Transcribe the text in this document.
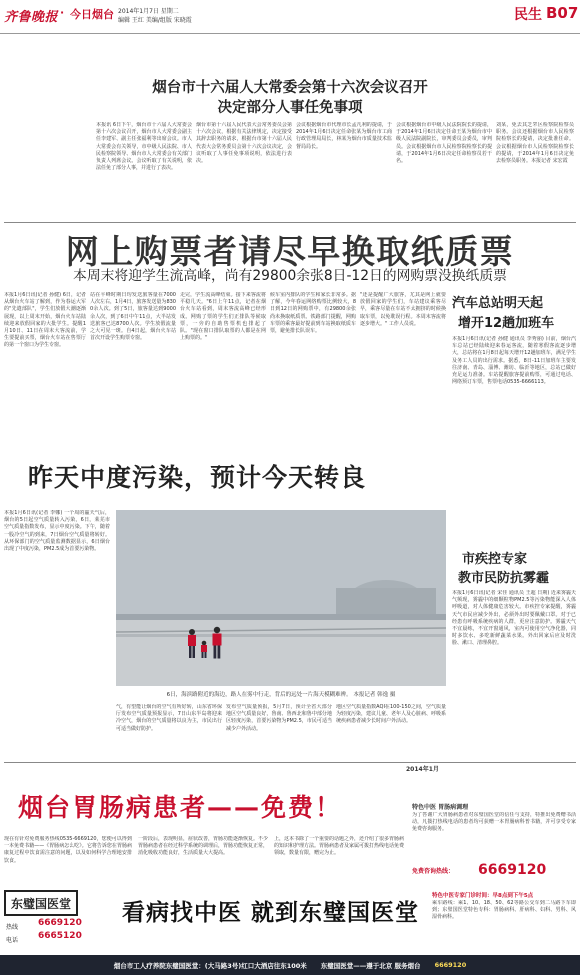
齐鲁晚报 · 今日烟台 2014年1月7日 星期二
编辑 王红 美编/组版 宋晓霞	民生 B07
烟台市十六届人大常委会第十六次会议召开
决定部分人事任免事项
本报讯 6日下午，烟台市十六届人大常委会第十六次会议召开，烟台市人大常委会副主任李建军、副主任张福利等出席会议。市人大常委会有关领导，市中级人民法院、市人民检察院领导、烟台市人大常委会有关部门负责人列席会议。会议听取了有关说明，依法任免了部分人事，并进行了表决。
烟台市第十六届人民代表大会常务委员会第十六次会议，根据有关法律规定，决定接受其辞去职务的请求，根据台市第十六届人民代表大会常务委员会第十六次会议决定，会议听取了人事任免事项说明，依法进行表决。
会议根据烟台市代理市长孟凡利的提请，于2014年1月6日决定任命张某为烟台市工商行政管理局局长，林某为烟台市质量技术监督局局长。
会议根据烟台市中级人民法院院长的提请，于2014年1月6日决定任命王某为烟台市中级人民法院副院长，审判委员会委员，审判员。会议根据烟台市人民检察院检察长的提请，于2014年1月6日决定任命检察员若干名。
刘某，免去其芝罘区检察院检察员职务。会议还根据烟台市人民检察院检察长的提请，决定批准任命。会议根据烟台市人民检察院检察长的提请，于2014年1月6日决定免去检察员职务。本报记者 宋宏霞
网上购票者请尽早换取纸质票
本周末将迎学生流高峰，尚有29800余张8日-12日的网购票没换纸质票
本报1月6日讯(记者 孙健) 6日，记者从烟台火车站了解到，作为春运大军的"先遣部队"，学生们放假大潮逐渐展现，以上周末开始，烟台火车站陆续迎来放假回家的大批学生。提醒1月10日、11日在周末大客流前，学生要提前买票，烟台火车站在售票厅的第一个窗口为学生专窗。
站在平峰时期日均发送旅客量在7000人次左右，1月4日，旅客发送量为8300余人次。到了5日，旅客量达到9000余人次，到了6日中午11点，大半站发送旅客已达8700人次。学生放假流量之大可见一斑。自4日起，烟台火车站首次开设学生购票专窗。
走完，学生流高峰结束。接下来客流将平稳几天。"6日上午11点，记者在烟台火车站看到，周末客流高峰已经形成。网购了票的学生们正排队等候取票，一旁的自助售票机也排起了队。"现在窗口排队取票的人都是在网上购票的。"
候车室内排队的学生和家长非常多。据了解，今年春运网络购票比例较大，8日到12日的网购票中，有29800余张尚未换取纸质票。铁路部门提醒，网购车票的乘客最好提前到车站换取纸质车票，避免排长队误车。
"还是提醒广大旅客，尤其是网上就要放假回家的学生们，车站建议乘客尽早，乘客尽量在车站不太拥挤的时候换取车票，以免耽误行程。本周末客流将逐步增大。" 工作人员说。
汽车总站明天起
增开12趟加班车
本报1月6日讯(记者 孙健 通讯员 李秀丽) 目前，烟台汽车总站已经陆续迎来春运客流，随着寒假客流逐步增大，总站将在1月8日起每天增开12趟加班车，满足学生及务工人员的出行需求。据悉，8日-11日加班车主要发往济南、青岛、淄博、潍坊、临沂等地区，总站已做好充足运力准备。车站提醒旅客提前购票，可通过电话、网络预订车票，售票电话0535-6666113。
昨天中度污染，预计今天转良
本报1月6日讯(记者 李娜) 一个周的霾天气后，烟台的5日起空气质量转入污染，6日，莱芜市空气质量指数发布，显示中度污染。下午，随着一股冷空气的到来，7日烟台空气质量将转好。从环保部门的空气质量监测数据显示，6日烟台出现了中度污染，PM2.5成为首要污染物。
6日，海滨路附近的海边，路人在雾中行走，背后的远处一片海天模糊难辨。 本报记者 韩逸 摄
气，有望能让烟台的空气有所好转，山东省环保厅发布空气质量预报显示，7日山东半岛将迎来冷空气，烟台的空气质量将以良为主，市民出行可适当做好防护。
发布空气质量预报，5月7日，预计全省大部分地区空气质量良好，鲁南、鲁西北和鲁中部分地区轻度污染，首要污染物为PM2.5，市民可适当减少户外活动。
地区空气质量指数AQI在100-150之间，空气质量为轻度污染，建议儿童、老年人及心脏病、呼吸系统疾病患者减少长时间户外活动。
市疾控专家
教市民防抗雾霾
本报1月6日讯(记者 宋佳 通讯员 王超 日期) 近来雾霾天气频现，雾霾中的细颗粒物PM2.5等污染物能深入人体呼吸道，对人体健康危害较大。市疾控专家提醒，雾霾天气市民应减少外出，必须外出时要佩戴口罩。对于已经患有呼吸系统疾病的人群，更应注意防护。雾霾天气不宜晨练，不宜开窗通风，室内可使用空气净化器，同时多饮水、多吃新鲜蔬菜水果。外出回家后应及时洗脸、漱口、清理鼻腔。
2014年1月
烟台胃肠病患者——免费！
现在有针对免费服务热线0535-6669120，您便可以得到一本免费书籍——《胃肠病怎么吃》。它将告诉您在胃肠病康复过程中饮食需注意的问题，以及如何科学合理地安排饮食。
一阶段后，表现明显，症状改善，胃肠功能逐渐恢复。不少胃肠病患者在经过科学系统的调理后，胃肠功能恢复正常，消化吸收功能良好，生活质量大大提高。
上，这本书除了一个重要的话题之外，还介绍了很多胃肠病的知识和护理方法。胃肠病患者及家属可拨打热线电话免费领取，数量有限，赠完为止。
特色中医 胃肠病调理
为了答谢广大胃肠病患者对东璧国医堂的信任与支持，特推出免费赠书活动，凡拨打热线电话的患者均可获赠一本胃肠病科普书籍，并可享受专家免费咨询服务。
免费咨询热线： 6669120
东璧国医堂
热线 6669120
电话 6665120
看病找中医 就到东璧国医堂
特色中医专家门诊时间：早8点到下午5点
乘车路线：乘1、10、18、50、62等路公交车到二马路下车即到；东璧国医堂特色专科：胃肠病科、肝病科、妇科、男科、风湿骨病科。
烟台市工人疗养院东璧国医堂：(大马路3号)红口大酒店往东100米 东璧国医堂——遵于北京 服务烟台 6669120
